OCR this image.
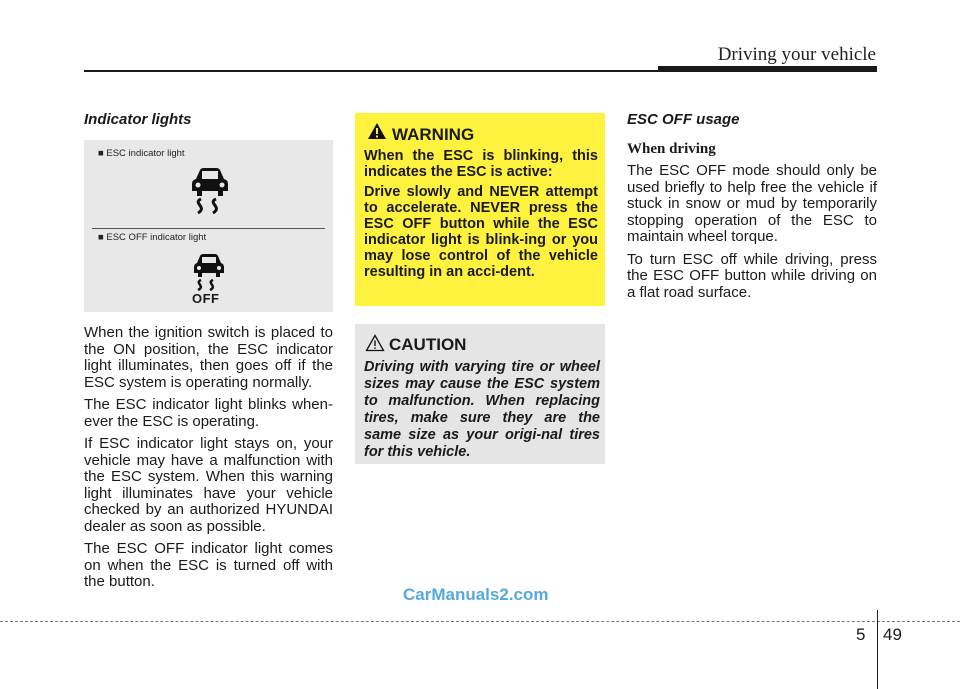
Driving your vehicle
Indicator lights
■ ESC indicator light
■ ESC OFF indicator light
OFF

When the ignition switch is placed to the ON position, the ESC indicator light illuminates, then goes off if the ESC system is operating normally.

The ESC indicator light blinks when-ever the ESC is operating.

If ESC indicator light stays on, your vehicle may have a malfunction with the ESC system. When this warning light illuminates have your vehicle checked by an authorized HYUNDAI dealer as soon as possible.

The ESC OFF indicator light comes on when the ESC is turned off with the button.

WARNING

When the ESC is blinking, this indicates the ESC is active:

Drive slowly and NEVER attempt to accelerate. NEVER press the ESC OFF button while the ESC indicator light is blink-ing or you may lose control of the vehicle resulting in an acci-dent.

CAUTION
Driving with varying tire or wheel sizes may cause the ESC system to malfunction. When replacing tires, make sure they are the same size as your origi-nal tires for this vehicle.
ESC OFF usage
When driving

The ESC OFF mode should only be used briefly to help free the vehicle if stuck in snow or mud by temporarily stopping operation of the ESC to maintain wheel torque.

To turn ESC off while driving, press the ESC OFF button while driving on a flat road surface.

CarManuals2.com
5 49
